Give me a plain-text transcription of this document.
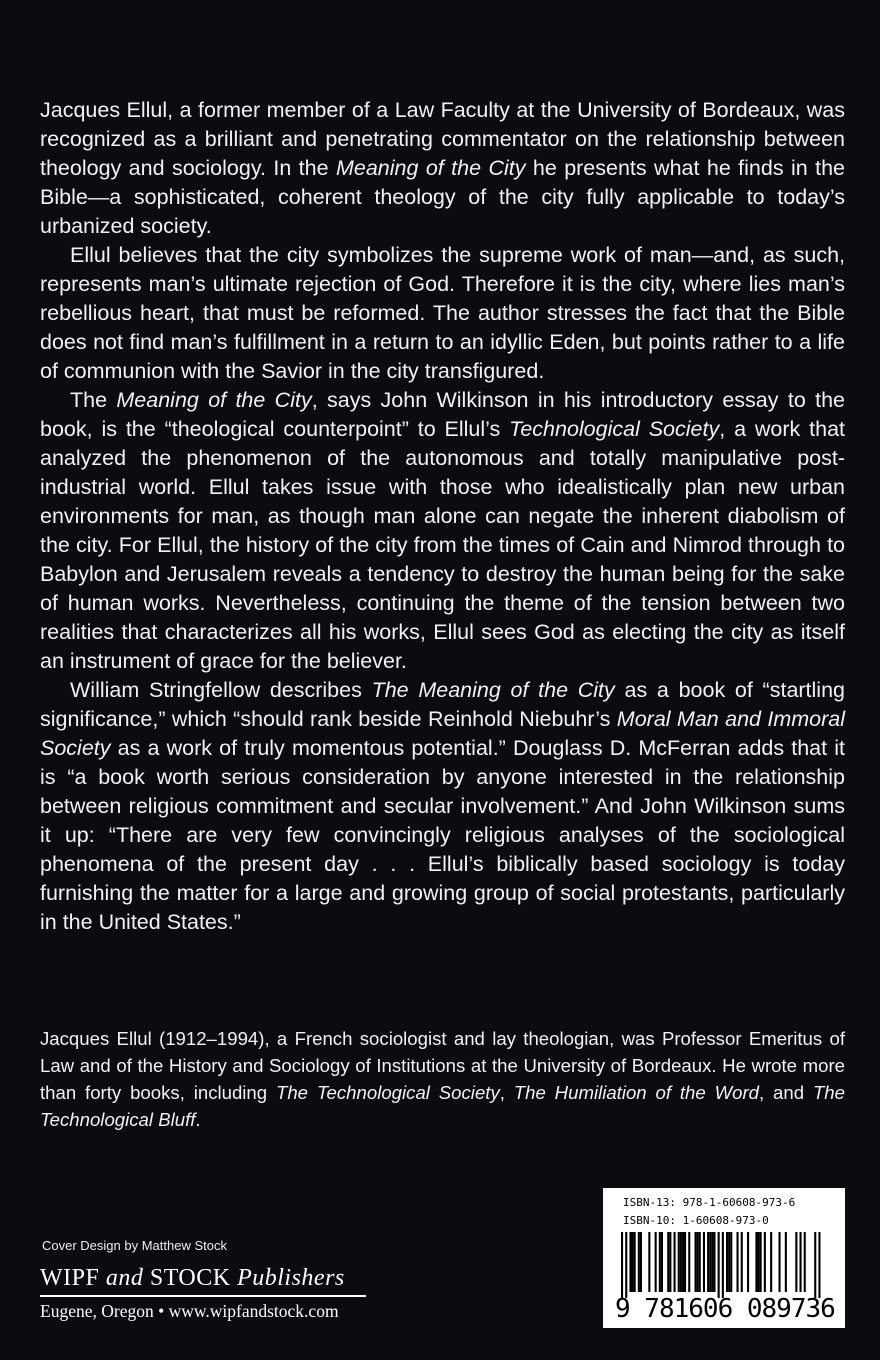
Jacques Ellul, a former member of a Law Faculty at the University of Bordeaux, was recognized as a brilliant and penetrating commentator on the relationship between theology and sociology. In the Meaning of the City he presents what he finds in the Bible—a sophisticated, coherent theology of the city fully applicable to today’s urbanized society.

Ellul believes that the city symbolizes the supreme work of man—and, as such, represents man’s ultimate rejection of God. Therefore it is the city, where lies man’s rebellious heart, that must be reformed. The author stresses the fact that the Bible does not find man’s fulfillment in a return to an idyllic Eden, but points rather to a life of communion with the Savior in the city transfigured.

The Meaning of the City, says John Wilkinson in his introductory essay to the book, is the “theological counterpoint” to Ellul’s Technological Society, a work that analyzed the phenomenon of the autonomous and totally manipulative post-industrial world. Ellul takes issue with those who idealistically plan new urban environments for man, as though man alone can negate the inherent diabolism of the city. For Ellul, the history of the city from the times of Cain and Nimrod through to Babylon and Jerusalem reveals a tendency to destroy the human being for the sake of human works. Nevertheless, continuing the theme of the tension between two realities that characterizes all his works, Ellul sees God as electing the city as itself an instrument of grace for the believer.

William Stringfellow describes The Meaning of the City as a book of “startling significance,” which “should rank beside Reinhold Niebuhr’s Moral Man and Immoral Society as a work of truly momentous potential.” Douglass D. McFerran adds that it is “a book worth serious consideration by anyone interested in the relationship between religious commitment and secular involvement.” And John Wilkinson sums it up: “There are very few convincingly religious analyses of the sociological phenomena of the present day . . . Ellul’s biblically based sociology is today furnishing the matter for a large and growing group of social protestants, particularly in the United States.”

Jacques Ellul (1912–1994), a French sociologist and lay theologian, was Professor Emeritus of Law and of the History and Sociology of Institutions at the University of Bordeaux. He wrote more than forty books, including The Technological Society, The Humiliation of the Word, and The Technological Bluff.

Cover Design by Matthew Stock
WIPF and STOCK Publishers
Eugene, Oregon • www.wipfandstock.com
ISBN-13: 978-1-60608-973-6
ISBN-10: 1-60608-973-0
9 781606 089736
